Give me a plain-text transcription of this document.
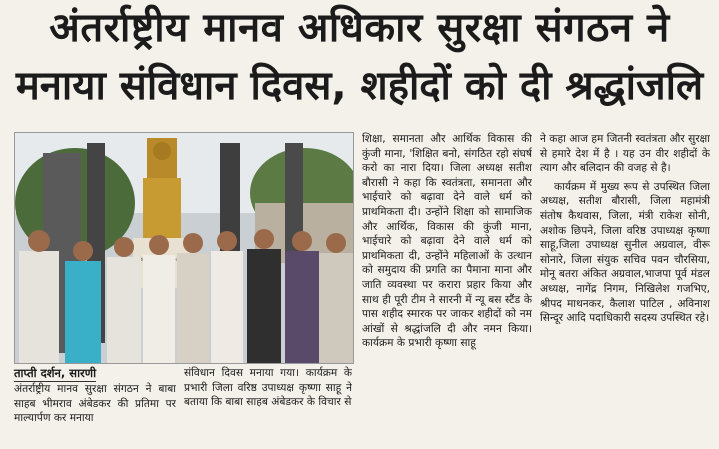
अंतर्राष्ट्रीय मानव अधिकार सुरक्षा संगठन ने
मनाया संविधान दिवस, शहीदों को दी श्रद्धांजलि
ताप्ती दर्शन, सारणी

अंतर्राष्ट्रीय मानव सुरक्षा संगठन ने बाबा साहब भीमराव अंबेडकर की प्रतिमा पर माल्यार्पण कर मनाया

संविधान दिवस मनाया गया। कार्यक्रम के प्रभारी जिला वरिष्ठ उपाध्यक्ष कृष्णा साहू ने बताया कि बाबा साहब अंबेडकर के विचार से

शिक्षा, समानता और आर्थिक विकास की कुंजी माना, 'शिक्षित बनो, संगठित रहो संघर्ष करो का नारा दिया। जिला अध्यक्ष सतीश बौरासी ने कहा कि स्वतंत्रता, समानता और भाईचारे को बढ़ावा देने वाले धर्म को प्राथमिकता दी। उन्होंने शिक्षा को सामाजिक और आर्थिक, विकास की कुंजी माना, भाईचारे को बढ़ावा देने वाले धर्म को प्राथमिकता दी, उन्होंने महिलाओं के उत्थान को समुदाय की प्रगति का पैमाना माना और जाति व्यवस्था पर करारा प्रहार किया और साथ ही पूरी टीम ने सारनी में न्यू बस स्टैंड के पास शहीद स्मारक पर जाकर शहीदों को नम आंखों से श्रद्धांजलि दी और नमन किया। कार्यक्रम के प्रभारी कृष्णा साहू

ने कहा आज हम जितनी स्वतंत्रता और सुरक्षा से हमारे देश में है । यह उन वीर शहीदों के त्याग और बलिदान की वजह से है।

कार्यक्रम में मुख्य रूप से उपस्थित जिला अध्यक्ष, सतीश बौरासी, जिला महामंत्री संतोष कैथवास, जिला, मंत्री राकेश सोनी, अशोक छिपने, जिला वरिष्ठ उपाध्यक्ष कृष्णा साहू,जिला उपाध्यक्ष सुनील अग्रवाल, वीरू सोनारे, जिला संयुक सचिव पवन चौरसिया, मोनू बतरा अंकित अग्रवाल,भाजपा पूर्व मंडल अध्यक्ष, नागेंद्र निगम, निखिलेश गजभिए, श्रीपद माथनकर, कैलाश पाटिल , अविनाश सिन्दूर आदि पदाधिकारी सदस्य उपस्थित रहे।
